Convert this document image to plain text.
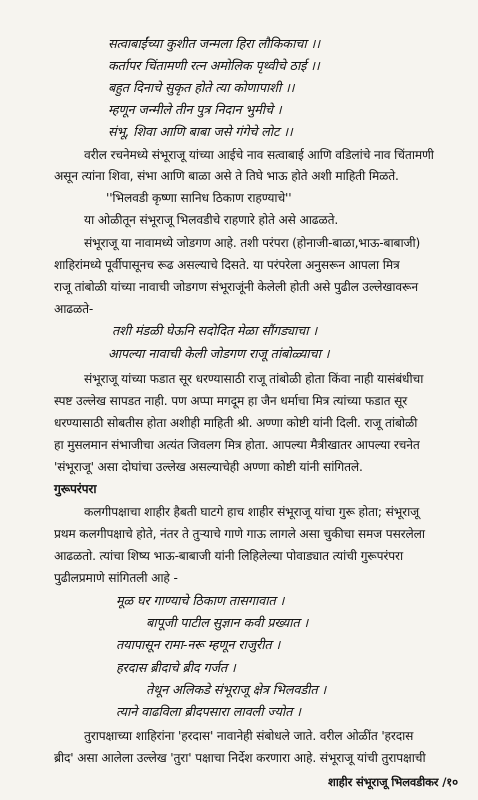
सत्वाबाईंच्या कुशीत जन्मला हिरा लौकिकाचा ।।
कर्तापर चिंतामणी रत्न अमोलिक पृथ्वीचे ठाई ।।
बहुत दिनाचे सुकृत होते त्या कोणापाशी ।।
म्हणून जन्मीले तीन पुत्र निदान भुमीचे ।
संभू, शिवा आणि बाबा जसे गंगेचे लोट ।।
वरील रचनेमध्ये संभूराजू यांच्या आईचे नाव सत्वाबाई आणि वडिलांचे नाव चिंतामणी
असून त्यांना शिवा, संभा आणि बाळा असे ते तिघे भाऊ होते अशी माहिती मिळते.
''भिलवडी कृष्णा सानिध ठिकाण राहण्याचे''
या ओळीतून संभूराजू भिलवडीचे राहणारे होते असे आढळते.
संभूराजू या नावामध्ये जोडगण आहे. तशी परंपरा (होनाजी-बाळा,भाऊ-बाबाजी)
शाहिरांमध्ये पूर्वीपासूनच रूढ असल्याचे दिसते. या परंपरेला अनुसरून आपला मित्र
राजू तांबोळी यांच्या नावाची जोडगण संभूराजूंनी केलेली होती असे पुढील उल्लेखावरून
आढळते-
तशी मंडळी घेऊनि सदोदित मेळा सौंगड्याचा ।
आपल्या नावाची केली जोडगण राजू तांबोळ्याचा ।
संभूराजू यांच्या फडात सूर धरण्यासाठी राजू तांबोळी होता किंवा नाही यासंबंधीचा
स्पष्ट उल्लेख सापडत नाही. पण अप्पा मगदूम हा जैन धर्माचा मित्र त्यांच्या फडात सूर
धरण्यासाठी सोबतीस होता अशीही माहिती श्री. अण्णा कोष्टी यांनी दिली. राजू तांबोळी
हा मुसलमान संभाजीचा अत्यंत जिवलग मित्र होता. आपल्या मैत्रीखातर आपल्या रचनेत
'संभूराजू' असा दोघांचा उल्लेख असल्याचेही अण्णा कोष्टी यांनी सांगितले.
गुरूपरंपरा
कलगीपक्षाचा शाहीर हैबती घाटगे हाच शाहीर संभूराजू यांचा गुरू होता; संभूराजू
प्रथम कलगीपक्षाचे होते, नंतर ते तुऱ्याचे गाणे गाऊ लागले असा चुकीचा समज पसरलेला
आढळतो. त्यांचा शिष्य भाऊ-बाबाजी यांनी लिहिलेल्या पोवाड्यात त्यांची गुरूपरंपरा
पुढीलप्रमाणे सांगितली आहे -
मूळ घर गाण्याचे ठिकाण तासगावात ।
बापूजी पाटील सुज्ञान कवी प्रख्यात ।
तयापासून रामा-नरू म्हणून राजुरीत ।
हरदास ब्रीदाचे ब्रीद गर्जत ।
तेथून अलिकडे संभूराजू क्षेत्र भिलवडीत ।
त्याने वाढविला ब्रीदपसारा लावली ज्योत ।
तुरापक्षाच्या शाहिरांना 'हरदास' नावानेही संबोधले जाते. वरील ओळींत 'हरदास
ब्रीद' असा आलेला उल्लेख 'तुरा' पक्षाचा निर्देश करणारा आहे. संभूराजू यांची तुरापक्षाची
शाहीर संभूराजू भिलवडीकर /१०
